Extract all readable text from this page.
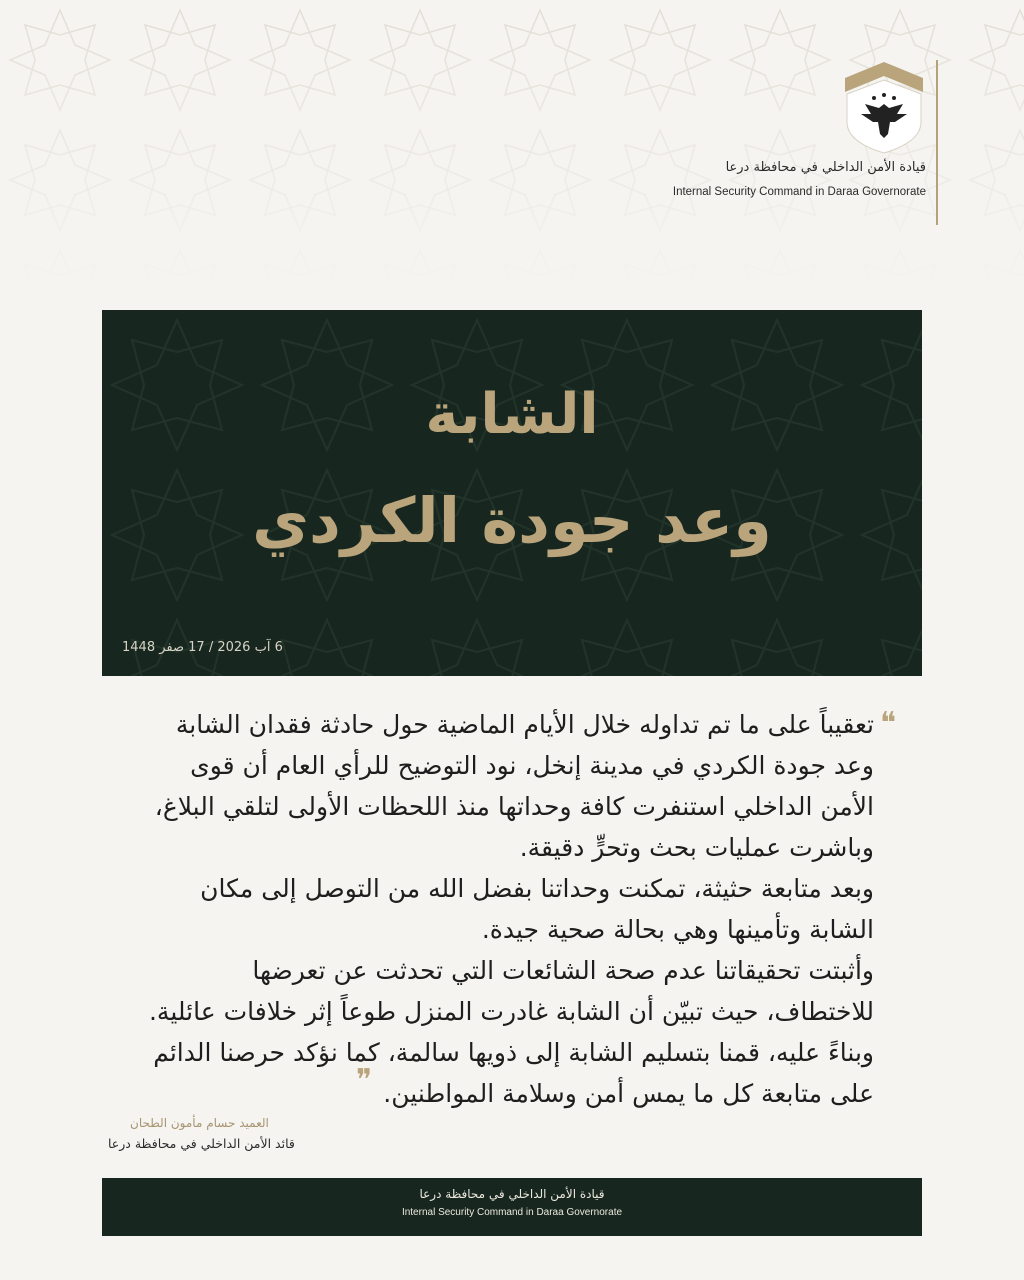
قيادة الأمن الداخلي في محافظة درعا
Internal Security Command in Daraa Governorate
الشابة
وعد جودة الكردي
6 آب 2026 / 17 صفر 1448
❝

تعقيباً على ما تم تداوله خلال الأيام الماضية حول حادثة فقدان الشابة وعد جودة الكردي في مدينة إنخل، نود التوضيح للرأي العام أن قوى الأمن الداخلي استنفرت كافة وحداتها منذ اللحظات الأولى لتلقي البلاغ، وباشرت عمليات بحث وتحرٍّ دقيقة.

وبعد متابعة حثيثة، تمكنت وحداتنا بفضل الله من التوصل إلى مكان الشابة وتأمينها وهي بحالة صحية جيدة.

وأثبتت تحقيقاتنا عدم صحة الشائعات التي تحدثت عن تعرضها للاختطاف، حيث تبيّن أن الشابة غادرت المنزل طوعاً إثر خلافات عائلية.

وبناءً عليه، قمنا بتسليم الشابة إلى ذويها سالمة، كما نؤكد حرصنا الدائم على متابعة كل ما يمس أمن وسلامة المواطنين.

❞
العميد حسام مأمون الطحان
قائد الأمن الداخلي في محافظة درعا
قيادة الأمن الداخلي في محافظة درعا
Internal Security Command in Daraa Governorate
